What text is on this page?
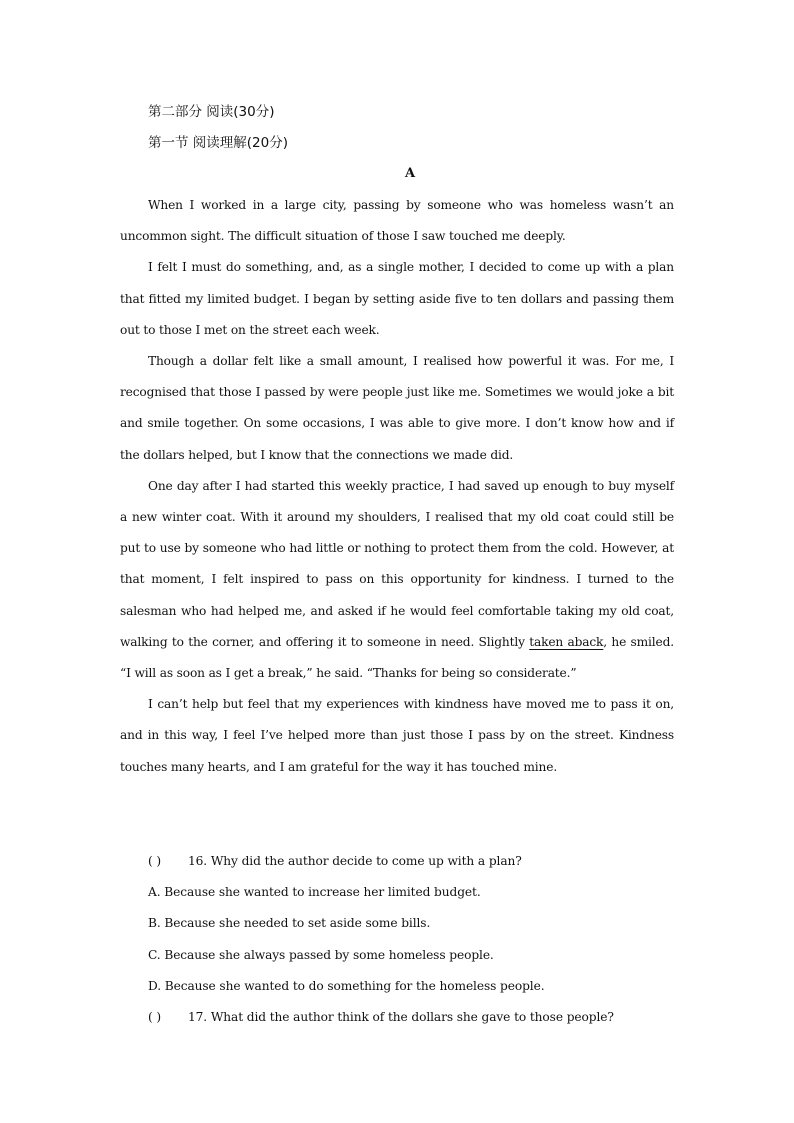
第二部分 阅读(30分)
第一节 阅读理解(20分)
A

When I worked in a large city, passing by someone who was homeless wasn’t an uncommon sight. The difficult situation of those I saw touched me deeply.

I felt I must do something, and, as a single mother, I decided to come up with a plan that fitted my limited budget. I began by setting aside five to ten dollars and passing them out to those I met on the street each week.

Though a dollar felt like a small amount, I realised how powerful it was. For me, I recognised that those I passed by were people just like me. Sometimes we would joke a bit and smile together. On some occasions, I was able to give more. I don’t know how and if the dollars helped, but I know that the connections we made did.

One day after I had started this weekly practice, I had saved up enough to buy myself a new winter coat. With it around my shoulders, I realised that my old coat could still be put to use by someone who had little or nothing to protect them from the cold. However, at that moment, I felt inspired to pass on this opportunity for kindness. I turned to the salesman who had helped me, and asked if he would feel comfortable taking my old coat, walking to the corner, and offering it to someone in need. Slightly taken aback, he smiled. “I will as soon as I get a break,” he said. “Thanks for being so considerate.”

I can’t help but feel that my experiences with kindness have moved me to pass it on, and in this way, I feel I’ve helped more than just those I pass by on the street. Kindness touches many hearts, and I am grateful for the way it has touched mine.

( ) 16. Why did the author decide to come up with a plan?

A. Because she wanted to increase her limited budget.

B. Because she needed to set aside some bills.

C. Because she always passed by some homeless people.

D. Because she wanted to do something for the homeless people.

( ) 17. What did the author think of the dollars she gave to those people?
